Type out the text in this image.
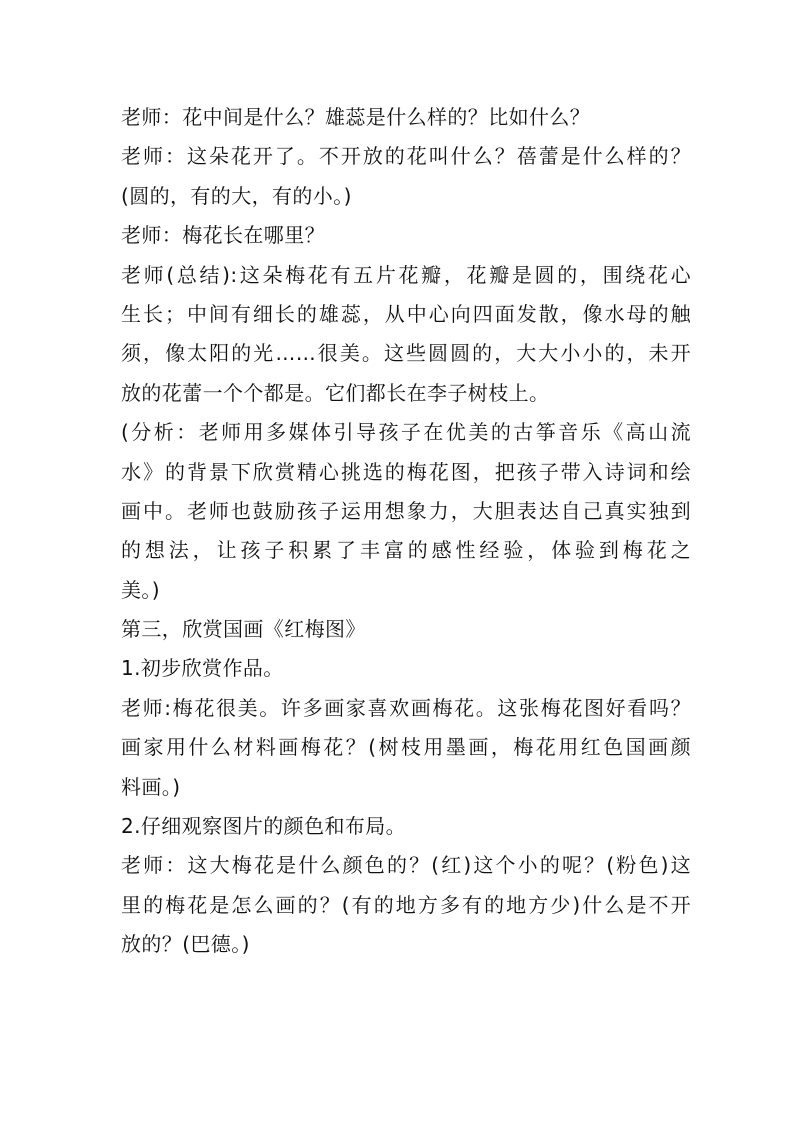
老师：花中间是什么？雄蕊是什么样的？比如什么？
老师：这朵花开了。不开放的花叫什么？蓓蕾是什么样的？
(圆的，有的大，有的小。)
老师：梅花长在哪里？
老师(总结):这朵梅花有五片花瓣，花瓣是圆的，围绕花心
生长；中间有细长的雄蕊，从中心向四面发散，像水母的触
须，像太阳的光……很美。这些圆圆的，大大小小的，未开
放的花蕾一个个都是。它们都长在李子树枝上。
(分析：老师用多媒体引导孩子在优美的古筝音乐《高山流
水》的背景下欣赏精心挑选的梅花图，把孩子带入诗词和绘
画中。老师也鼓励孩子运用想象力，大胆表达自己真实独到
的想法，让孩子积累了丰富的感性经验，体验到梅花之
美。)
第三，欣赏国画《红梅图》
1.初步欣赏作品。
老师:梅花很美。许多画家喜欢画梅花。这张梅花图好看吗？
画家用什么材料画梅花？(树枝用墨画，梅花用红色国画颜
料画。)
2.仔细观察图片的颜色和布局。
老师：这大梅花是什么颜色的？(红)这个小的呢？(粉色)这
里的梅花是怎么画的？(有的地方多有的地方少)什么是不开
放的？(巴德。)
